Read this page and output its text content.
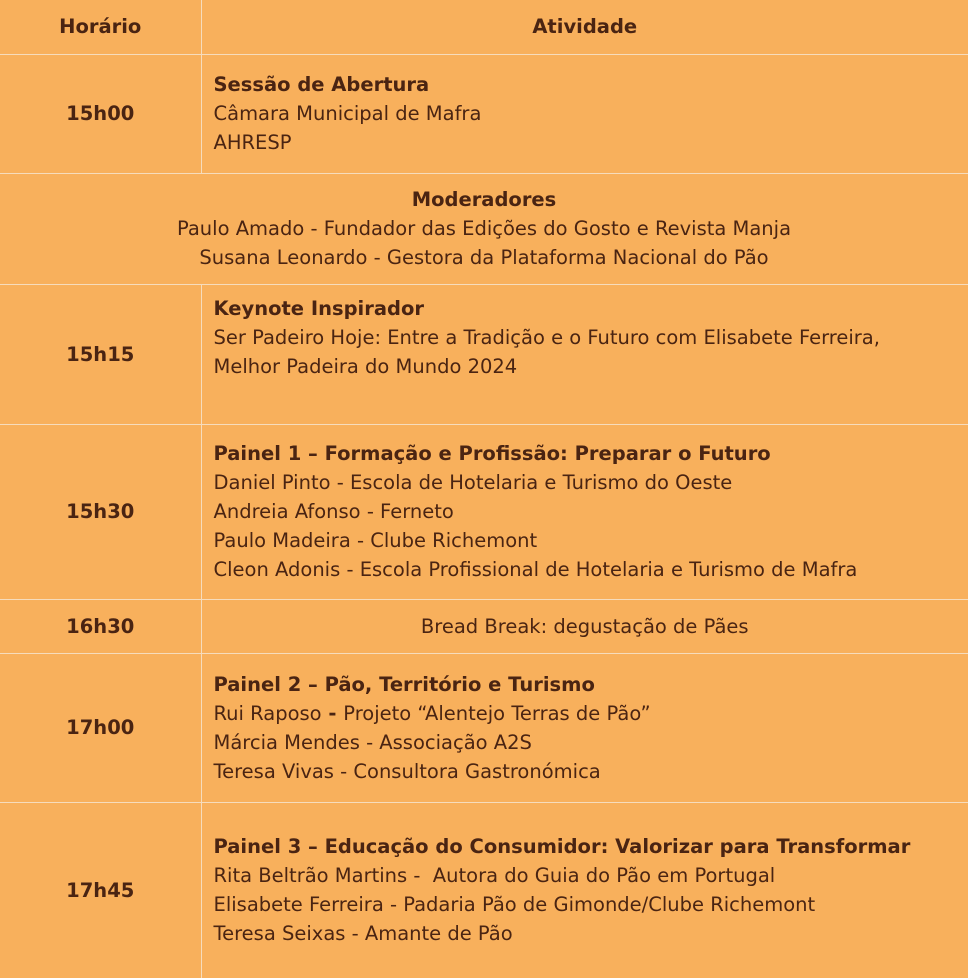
Horário	Atividade
15h00	Sessão de Abertura
Câmara Municipal de Mafra
AHRESP

Moderadores
Paulo Amado - Fundador das Edições do Gosto e Revista Manja
Susana Leonardo - Gestora da Plataforma Nacional do Pão	

15h15	Keynote Inspirador
Ser Padeiro Hoje: Entre a Tradição e o Futuro com Elisabete Ferreira,
Melhor Padeira do Mundo 2024

15h30	Painel 1 – Formação e Profissão: Preparar o Futuro
Daniel Pinto - Escola de Hotelaria e Turismo do Oeste
Andreia Afonso - Ferneto
Paulo Madeira - Clube Richemont
Cleon Adonis - Escola Profissional de Hotelaria e Turismo de Mafra

16h30	Bread Break: degustação de Pães
17h00	Painel 2 – Pão, Território e Turismo
Rui Raposo - Projeto “Alentejo Terras de Pão”
Márcia Mendes - Associação A2S
Teresa Vivas - Consultora Gastronómica

17h45	Painel 3 – Educação do Consumidor: Valorizar para Transformar
Rita Beltrão Martins -  Autora do Guia do Pão em Portugal
Elisabete Ferreira - Padaria Pão de Gimonde/Clube Richemont
Teresa Seixas - Amante de Pão
